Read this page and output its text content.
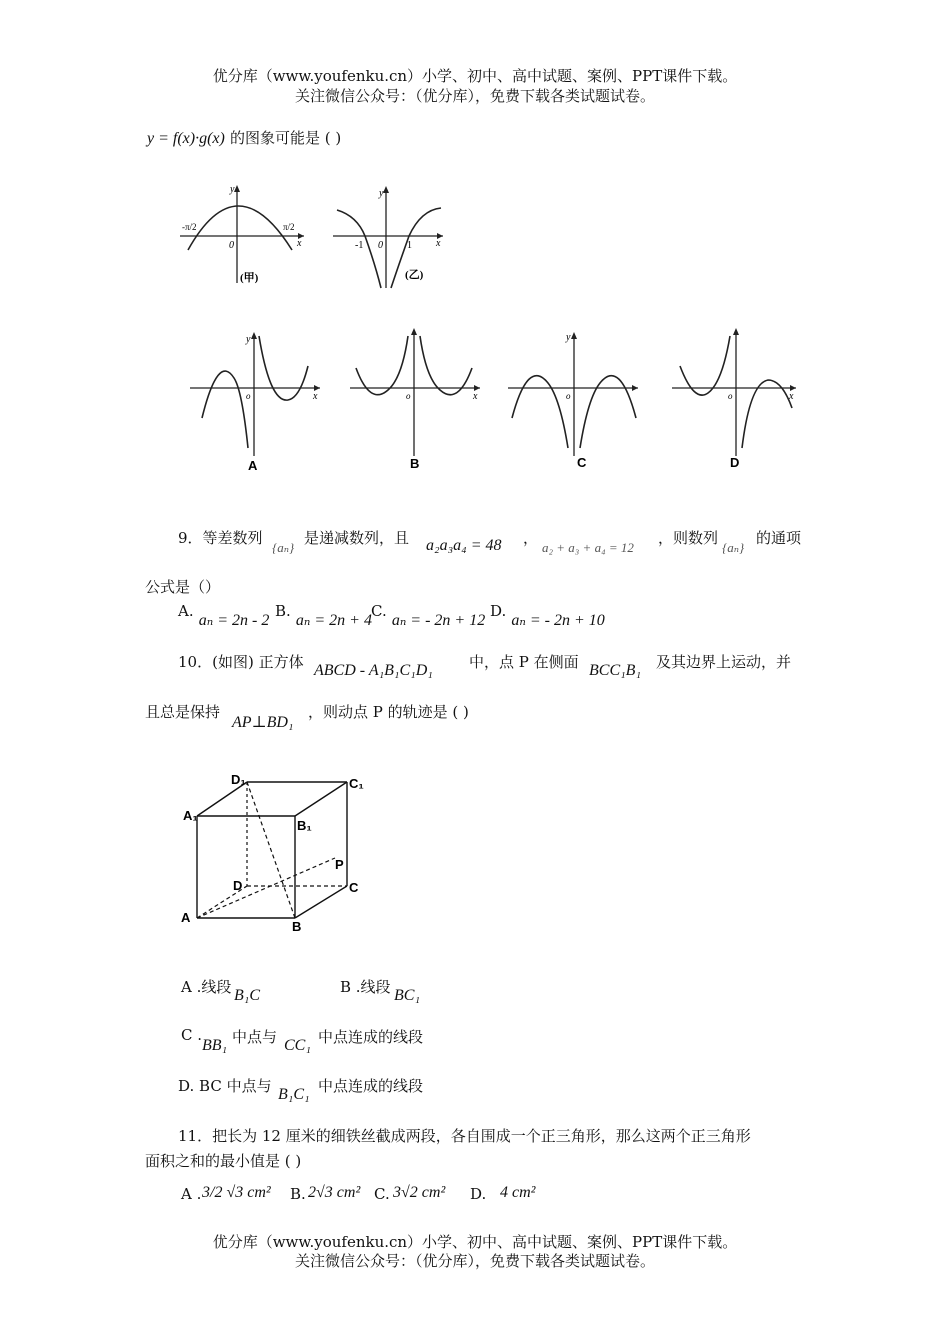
优分库（www.youfenku.cn）小学、初中、高中试题、案例、PPT课件下载。
关注微信公众号：（优分库），免费下载各类试题试卷。
y = f(x)·g(x) 的图象可能是 ( )
y
x
-π/2
0
π/2
(甲)
y
x
-1 0 1
(乙)
y
x
o
A
o	x
B
y
o
C
o	x
D
9．等差数列
{aₙ}
是递减数列，且 a₂a₃a₄ = 48 ，
a₂ + a₃ + a₄ = 12
，则数列
{aₙ}
的通项
公式是（）
A. aₙ = 2n - 2
B. aₙ = 2n + 4
C. aₙ = - 2n + 12
D. aₙ = - 2n + 10
10．(如图) 正方体 ABCD - A₁B₁C₁D₁ 中，点 P 在侧面 BCC₁B₁ 及其边界上运动，并
且总是保持
AP⊥BD₁
，则动点 P 的轨迹是 ( )
D₁	C₁
A₁
B₁
P
D	C
A
B
A .线段 B₁C	B .线段 BC₁
C .
BB₁ 中点与 CC₁ 中点连成的线段
D. BC 中点与 B₁C₁ 中点连成的线段
11．把长为 12 厘米的细铁丝截成两段，各自围成一个正三角形，那么这两个正三角形
面积之和的最小值是 ( )
A . 3/2 √3 cm² B. 2√3 cm² C. 3√2 cm² D. 4 cm²
优分库（www.youfenku.cn）小学、初中、高中试题、案例、PPT课件下载。
关注微信公众号：（优分库），免费下载各类试题试卷。
